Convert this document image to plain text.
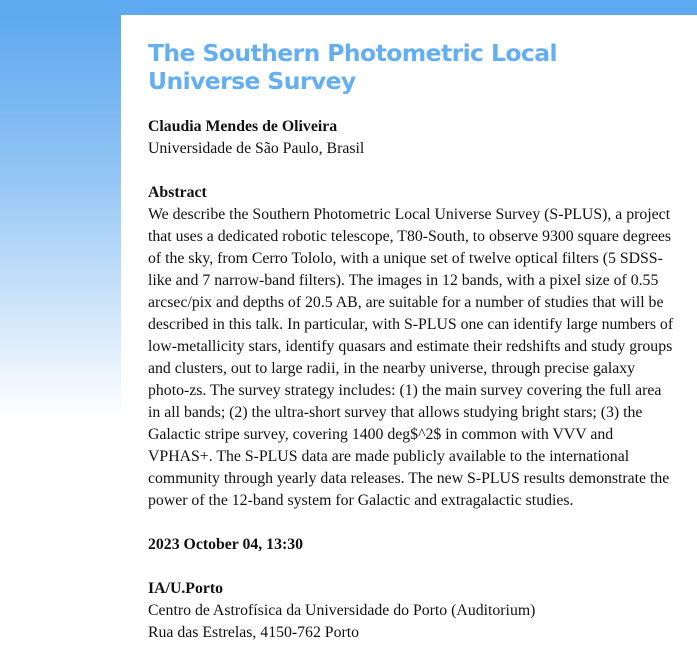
The Southern Photometric Local Universe Survey
Claudia Mendes de Oliveira
Universidade de São Paulo, Brasil
Abstract
We describe the Southern Photometric Local Universe Survey (S-PLUS), a project that uses a dedicated robotic telescope, T80-South, to observe 9300 square degrees of the sky, from Cerro Tololo, with a unique set of twelve optical filters (5 SDSS-like and 7 narrow-band filters). The images in 12 bands, with a pixel size of 0.55 arcsec/pix and depths of 20.5 AB, are suitable for a number of studies that will be described in this talk. In particular, with S-PLUS one can identify large numbers of low-metallicity stars, identify quasars and estimate their redshifts and study groups and clusters, out to large radii, in the nearby universe, through precise galaxy photo-zs. The survey strategy includes: (1) the main survey covering the full area in all bands; (2) the ultra-short survey that allows studying bright stars; (3) the Galactic stripe survey, covering 1400 deg$^2$ in common with VVV and VPHAS+. The S-PLUS data are made publicly available to the international community through yearly data releases. The new S-PLUS results demonstrate the power of the 12-band system for Galactic and extragalactic studies.
2023 October 04, 13:30
IA/U.Porto
Centro de Astrofísica da Universidade do Porto (Auditorium)
Rua das Estrelas, 4150-762 Porto
